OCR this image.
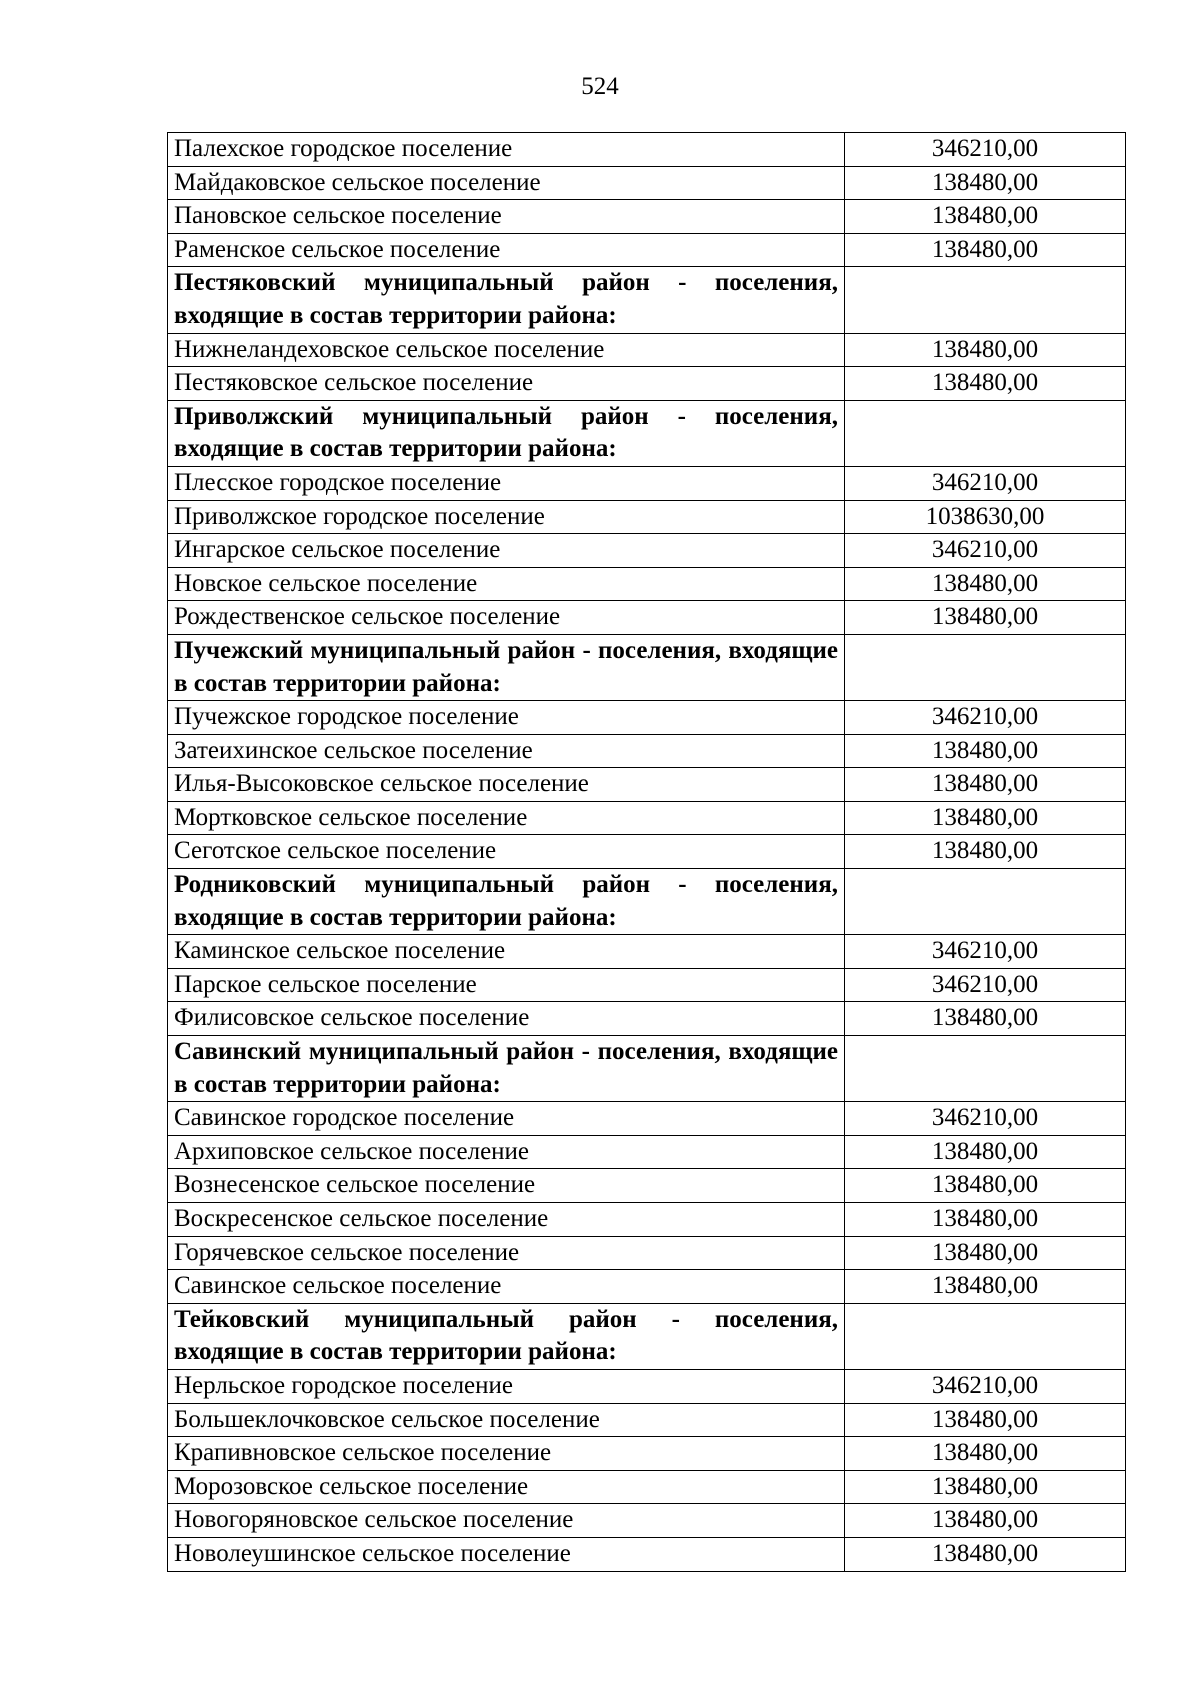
524
Палехское городское поселение	346210,00
Майдаковское сельское поселение	138480,00
Пановское сельское поселение	138480,00
Раменское сельское поселение	138480,00
Пестяковский муниципальный район - поселения, входящие в состав территории района:	
Нижнеландеховское сельское поселение	138480,00
Пестяковское сельское поселение	138480,00
Приволжский муниципальный район - поселения, входящие в состав территории района:	
Плесское городское поселение	346210,00
Приволжское городское поселение	1038630,00
Ингарское сельское поселение	346210,00
Новское сельское поселение	138480,00
Рождественское сельское поселение	138480,00
Пучежский муниципальный район - поселения, входящие в состав территории района:	
Пучежское городское поселение	346210,00
Затеихинское сельское поселение	138480,00
Илья-Высоковское сельское поселение	138480,00
Мортковское сельское поселение	138480,00
Сеготское сельское поселение	138480,00
Родниковский муниципальный район - поселения, входящие в состав территории района:	
Каминское сельское поселение	346210,00
Парское сельское поселение	346210,00
Филисовское сельское поселение	138480,00
Савинский муниципальный район - поселения, входящие в состав территории района:	
Савинское городское поселение	346210,00
Архиповское сельское поселение	138480,00
Вознесенское сельское поселение	138480,00
Воскресенское сельское поселение	138480,00
Горячевское сельское поселение	138480,00
Савинское сельское поселение	138480,00
Тейковский муниципальный район - поселения, входящие в состав территории района:	
Нерльское городское поселение	346210,00
Большеклочковское сельское поселение	138480,00
Крапивновское сельское поселение	138480,00
Морозовское сельское поселение	138480,00
Новогоряновское сельское поселение	138480,00
Новолеушинское сельское поселение	138480,00
